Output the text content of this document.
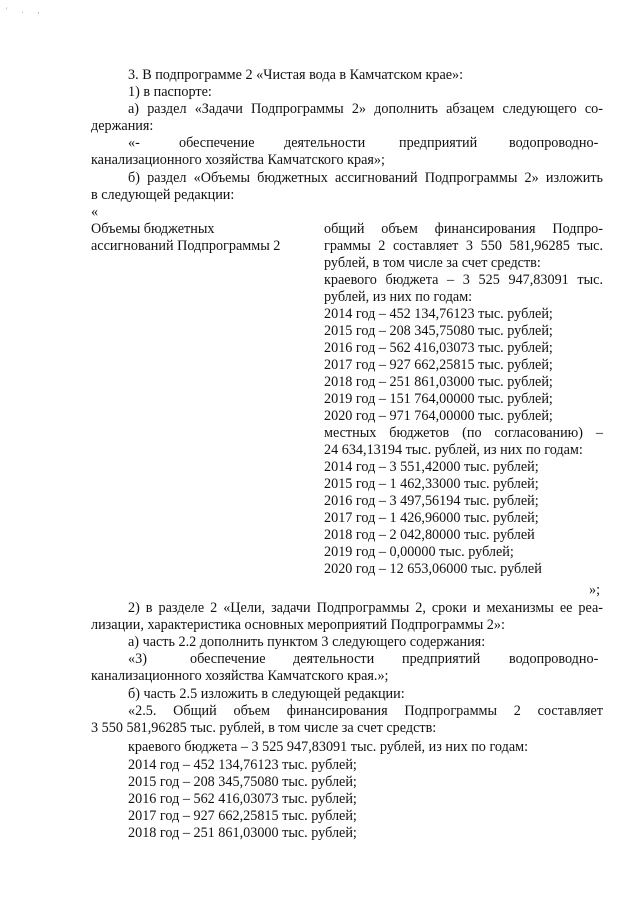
' . ,
3. В подпрограмме 2 «Чистая вода в Камчатском крае»:
1) в паспорте:
а) раздел «Задачи Подпрограммы 2» дополнить абзацем следующего со-
держания:
«-	обеспечение деятельности предприятий водопроводно-
канализационного хозяйства Камчатского края»;
б) раздел «Объемы бюджетных ассигнований Подпрограммы 2» изложить
в следующей редакции:
«
Объемы бюджетных
ассигнований Подпрограммы 2
общий объем финансирования Подпро-
граммы 2 составляет 3 550 581,96285 тыс.
рублей, в том числе за счет средств:
краевого бюджета – 3 525 947,83091 тыс.
рублей, из них по годам:
2014 год – 452 134,76123 тыс. рублей;
2015 год – 208 345,75080 тыс. рублей;
2016 год – 562 416,03073 тыс. рублей;
2017 год – 927 662,25815 тыс. рублей;
2018 год – 251 861,03000 тыс. рублей;
2019 год – 151 764,00000 тыс. рублей;
2020 год – 971 764,00000 тыс. рублей;
местных бюджетов (по согласованию) –
24 634,13194 тыс. рублей, из них по годам:
2014 год – 3 551,42000 тыс. рублей;
2015 год – 1 462,33000 тыс. рублей;
2016 год – 3 497,56194 тыс. рублей;
2017 год – 1 426,96000 тыс. рублей;
2018 год – 2 042,80000 тыс. рублей
2019 год – 0,00000 тыс. рублей;
2020 год – 12 653,06000 тыс. рублей
»;
2) в разделе 2 «Цели, задачи Подпрограммы 2, сроки и механизмы ее реа-
лизации, характеристика основных мероприятий Подпрограммы 2»:
а) часть 2.2 дополнить пунктом 3 следующего содержания:
«3)	обеспечение деятельности предприятий водопроводно-
канализационного хозяйства Камчатского края.»;
б) часть 2.5 изложить в следующей редакции:
«2.5. Общий объем финансирования Подпрограммы 2 составляет
3 550 581,96285 тыс. рублей, в том числе за счет средств:
краевого бюджета – 3 525 947,83091 тыс. рублей, из них по годам:
2014 год – 452 134,76123 тыс. рублей;
2015 год – 208 345,75080 тыс. рублей;
2016 год – 562 416,03073 тыс. рублей;
2017 год – 927 662,25815 тыс. рублей;
2018 год – 251 861,03000 тыс. рублей;
